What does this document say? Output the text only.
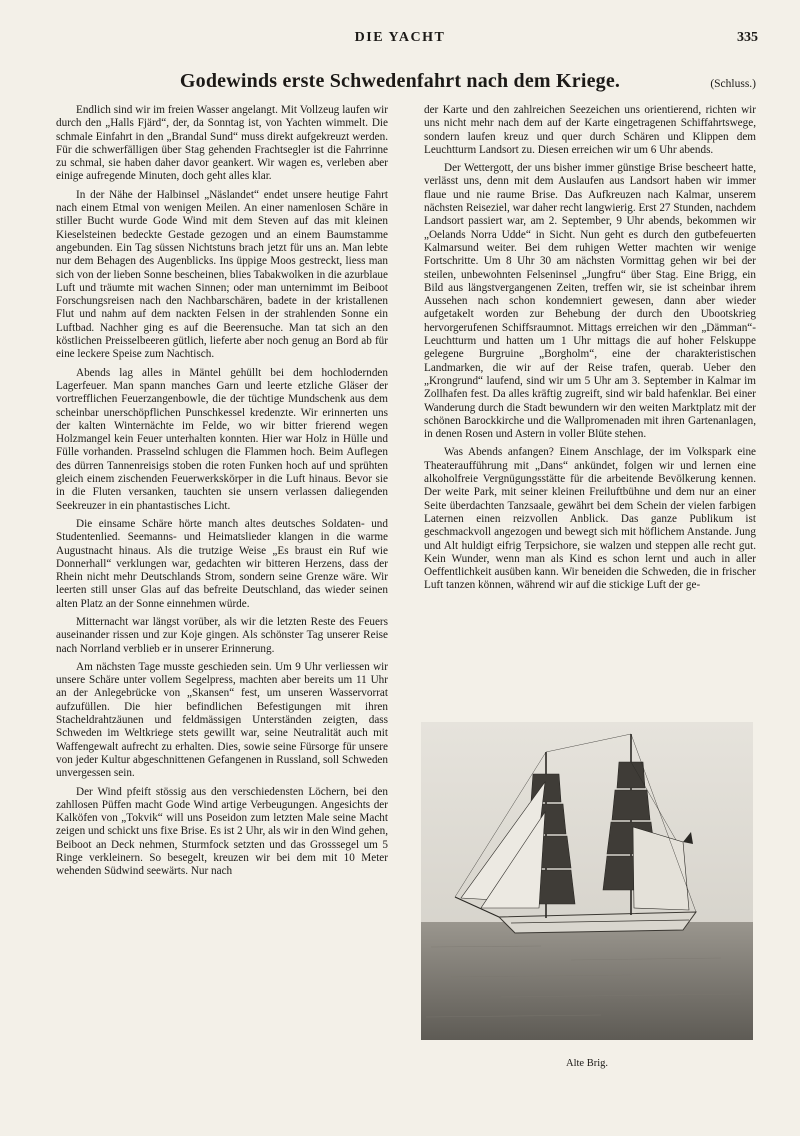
DIE YACHT	335
Godewinds erste Schwedenfahrt nach dem Kriege.	(Schluss.)

Endlich sind wir im freien Wasser angelangt. Mit Vollzeug laufen wir durch den „Halls Fjärd“, der, da Sonntag ist, von Yachten wimmelt. Die schmale Einfahrt in den „Brandal Sund“ muss direkt aufgekreuzt werden. Für die schwerfälligen über Stag gehenden Frachtsegler ist die Fahrrinne zu schmal, sie haben daher davor geankert. Wir wagen es, verleben aber einige aufregende Minuten, doch geht alles klar.

In der Nähe der Halbinsel „Näslandet“ endet unsere heutige Fahrt nach einem Etmal von wenigen Meilen. An einer namenlosen Schäre in stiller Bucht wurde Gode Wind mit dem Steven auf das mit kleinen Kieselsteinen bedeckte Gestade gezogen und an einem Baumstamme angebunden. Ein Tag süssen Nichtstuns brach jetzt für uns an. Man lebte nur dem Behagen des Augenblicks. Ins üppige Moos gestreckt, liess man sich von der lieben Sonne bescheinen, blies Tabakwolken in die azurblaue Luft und träumte mit wachen Sinnen; oder man unternimmt im Beiboot Forschungsreisen nach den Nachbarschären, badete in der kristallenen Flut und nahm auf dem nackten Felsen in der strahlenden Sonne ein Luftbad. Nachher ging es auf die Beerensuche. Man tat sich an den köstlichen Preisselbeeren gütlich, lieferte aber noch genug an Bord ab für eine leckere Speise zum Nachtisch.

Abends lag alles in Mäntel gehüllt bei dem hochlodernden Lagerfeuer. Man spann manches Garn und leerte etzliche Gläser der vortrefflichen Feuerzangenbowle, die der tüchtige Mundschenk aus dem scheinbar unerschöpflichen Punschkessel kredenzte. Wir erinnerten uns der kalten Winternächte im Felde, wo wir bitter frierend wegen Holzmangel kein Feuer unterhalten konnten. Hier war Holz in Hülle und Fülle vorhanden. Prasselnd schlugen die Flammen hoch. Beim Auflegen des dürren Tannenreisigs stoben die roten Funken hoch auf und sprühten gleich einem zischenden Feuerwerkskörper in die Luft hinaus. Bevor sie in die Fluten versanken, tauchten sie unsern verlassen daliegenden Seekreuzer in ein phantastisches Licht.

Die einsame Schäre hörte manch altes deutsches Soldaten- und Studentenlied. Seemanns- und Heimatslieder klangen in die warme Augustnacht hinaus. Als die trutzige Weise „Es braust ein Ruf wie Donnerhall“ verklungen war, gedachten wir bitteren Herzens, dass der Rhein nicht mehr Deutschlands Strom, sondern seine Grenze wäre. Wir leerten still unser Glas auf das befreite Deutschland, das wieder seinen alten Platz an der Sonne einnehmen würde.

Mitternacht war längst vorüber, als wir die letzten Reste des Feuers auseinander rissen und zur Koje gingen. Als schönster Tag unserer Reise nach Norrland verblieb er in unserer Erinnerung.

Am nächsten Tage musste geschieden sein. Um 9 Uhr verliessen wir unsere Schäre unter vollem Segelpress, machten aber bereits um 11 Uhr an der Anlegebrücke von „Skansen“ fest, um unseren Wasservorrat aufzufüllen. Die hier befindlichen Befestigungen mit ihren Stacheldrahtzäunen und feldmässigen Unterständen zeigten, dass Schweden im Weltkriege stets gewillt war, seine Neutralität auch mit Waffengewalt aufrecht zu erhalten. Dies, sowie seine Fürsorge für unsere von jeder Kultur abgeschnittenen Gefangenen in Russland, soll Schweden unvergessen sein.

Der Wind pfeift stössig aus den verschiedensten Löchern, bei den zahllosen Püffen macht Gode Wind artige Verbeugungen. Angesichts der Kalköfen von „Tokvik“ will uns Poseidon zum letzten Male seine Macht zeigen und schickt uns fixe Brise. Es ist 2 Uhr, als wir in den Wind gehen, Beiboot an Deck nehmen, Sturmfock setzten und das Grosssegel um 5 Ringe verkleinern. So besegelt, kreuzen wir bei dem mit 10 Meter wehenden Südwind seewärts. Nur nach

der Karte und den zahlreichen Seezeichen uns orientierend, richten wir uns nicht mehr nach dem auf der Karte eingetragenen Schiffahrtswege, sondern laufen kreuz und quer durch Schären und Klippen dem Leuchtturm Landsort zu. Diesen erreichen wir um 6 Uhr abends.

Der Wettergott, der uns bisher immer günstige Brise bescheert hatte, verlässt uns, denn mit dem Auslaufen aus Landsort haben wir immer flaue und nie raume Brise. Das Aufkreuzen nach Kalmar, unserem nächsten Reiseziel, war daher recht langwierig. Erst 27 Stunden, nachdem Landsort passiert war, am 2. September, 9 Uhr abends, bekommen wir „Oelands Norra Udde“ in Sicht. Nun geht es durch den gutbefeuerten Kalmarsund weiter. Bei dem ruhigen Wetter machten wir wenige Fortschritte. Um 8 Uhr 30 am nächsten Vormittag gehen wir bei der steilen, unbewohnten Felseninsel „Jungfru“ über Stag. Eine Brigg, ein Bild aus längstvergangenen Zeiten, treffen wir, sie ist scheinbar ihrem Aussehen nach schon kondemniert gewesen, dann aber wieder aufgetakelt worden zur Behebung der durch den Ubootskrieg hervorgerufenen Schiffsraumnot. Mittags erreichen wir den „Dämman“-Leuchtturm und hatten um 1 Uhr mittags die auf hoher Felskuppe gelegene Burgruine „Borgholm“, eine der charakteristischen Landmarken, die wir auf der Reise trafen, querab. Ueber den „Krongrund“ laufend, sind wir um 5 Uhr am 3. September in Kalmar im Zollhafen fest. Da alles kräftig zugreift, sind wir bald hafenklar. Bei einer Wanderung durch die Stadt bewundern wir den weiten Marktplatz mit der schönen Barockkirche und die Wallpromenaden mit ihren Gartenanlagen, in denen Rosen und Astern in voller Blüte stehen.

Was Abends anfangen? Einem Anschlage, der im Volkspark eine Theateraufführung mit „Dans“ ankündet, folgen wir und lernen eine alkoholfreie Vergnügungsstätte für die arbeitende Bevölkerung kennen. Der weite Park, mit seiner kleinen Freiluftbühne und dem nur an einer Seite überdachten Tanzsaale, gewährt bei dem Schein der vielen farbigen Laternen einen reizvollen Anblick. Das ganze Publikum ist geschmackvoll angezogen und bewegt sich mit höflichem Anstande. Jung und Alt huldigt eifrig Terpsichore, sie walzen und steppen alle recht gut. Kein Wunder, wenn man als Kind es schon lernt und auch in aller Oeffentlichkeit ausüben kann. Wir beneiden die Schweden, die in frischer Luft tanzen können, während wir auf die stickige Luft der ge-

Alte Brig.
